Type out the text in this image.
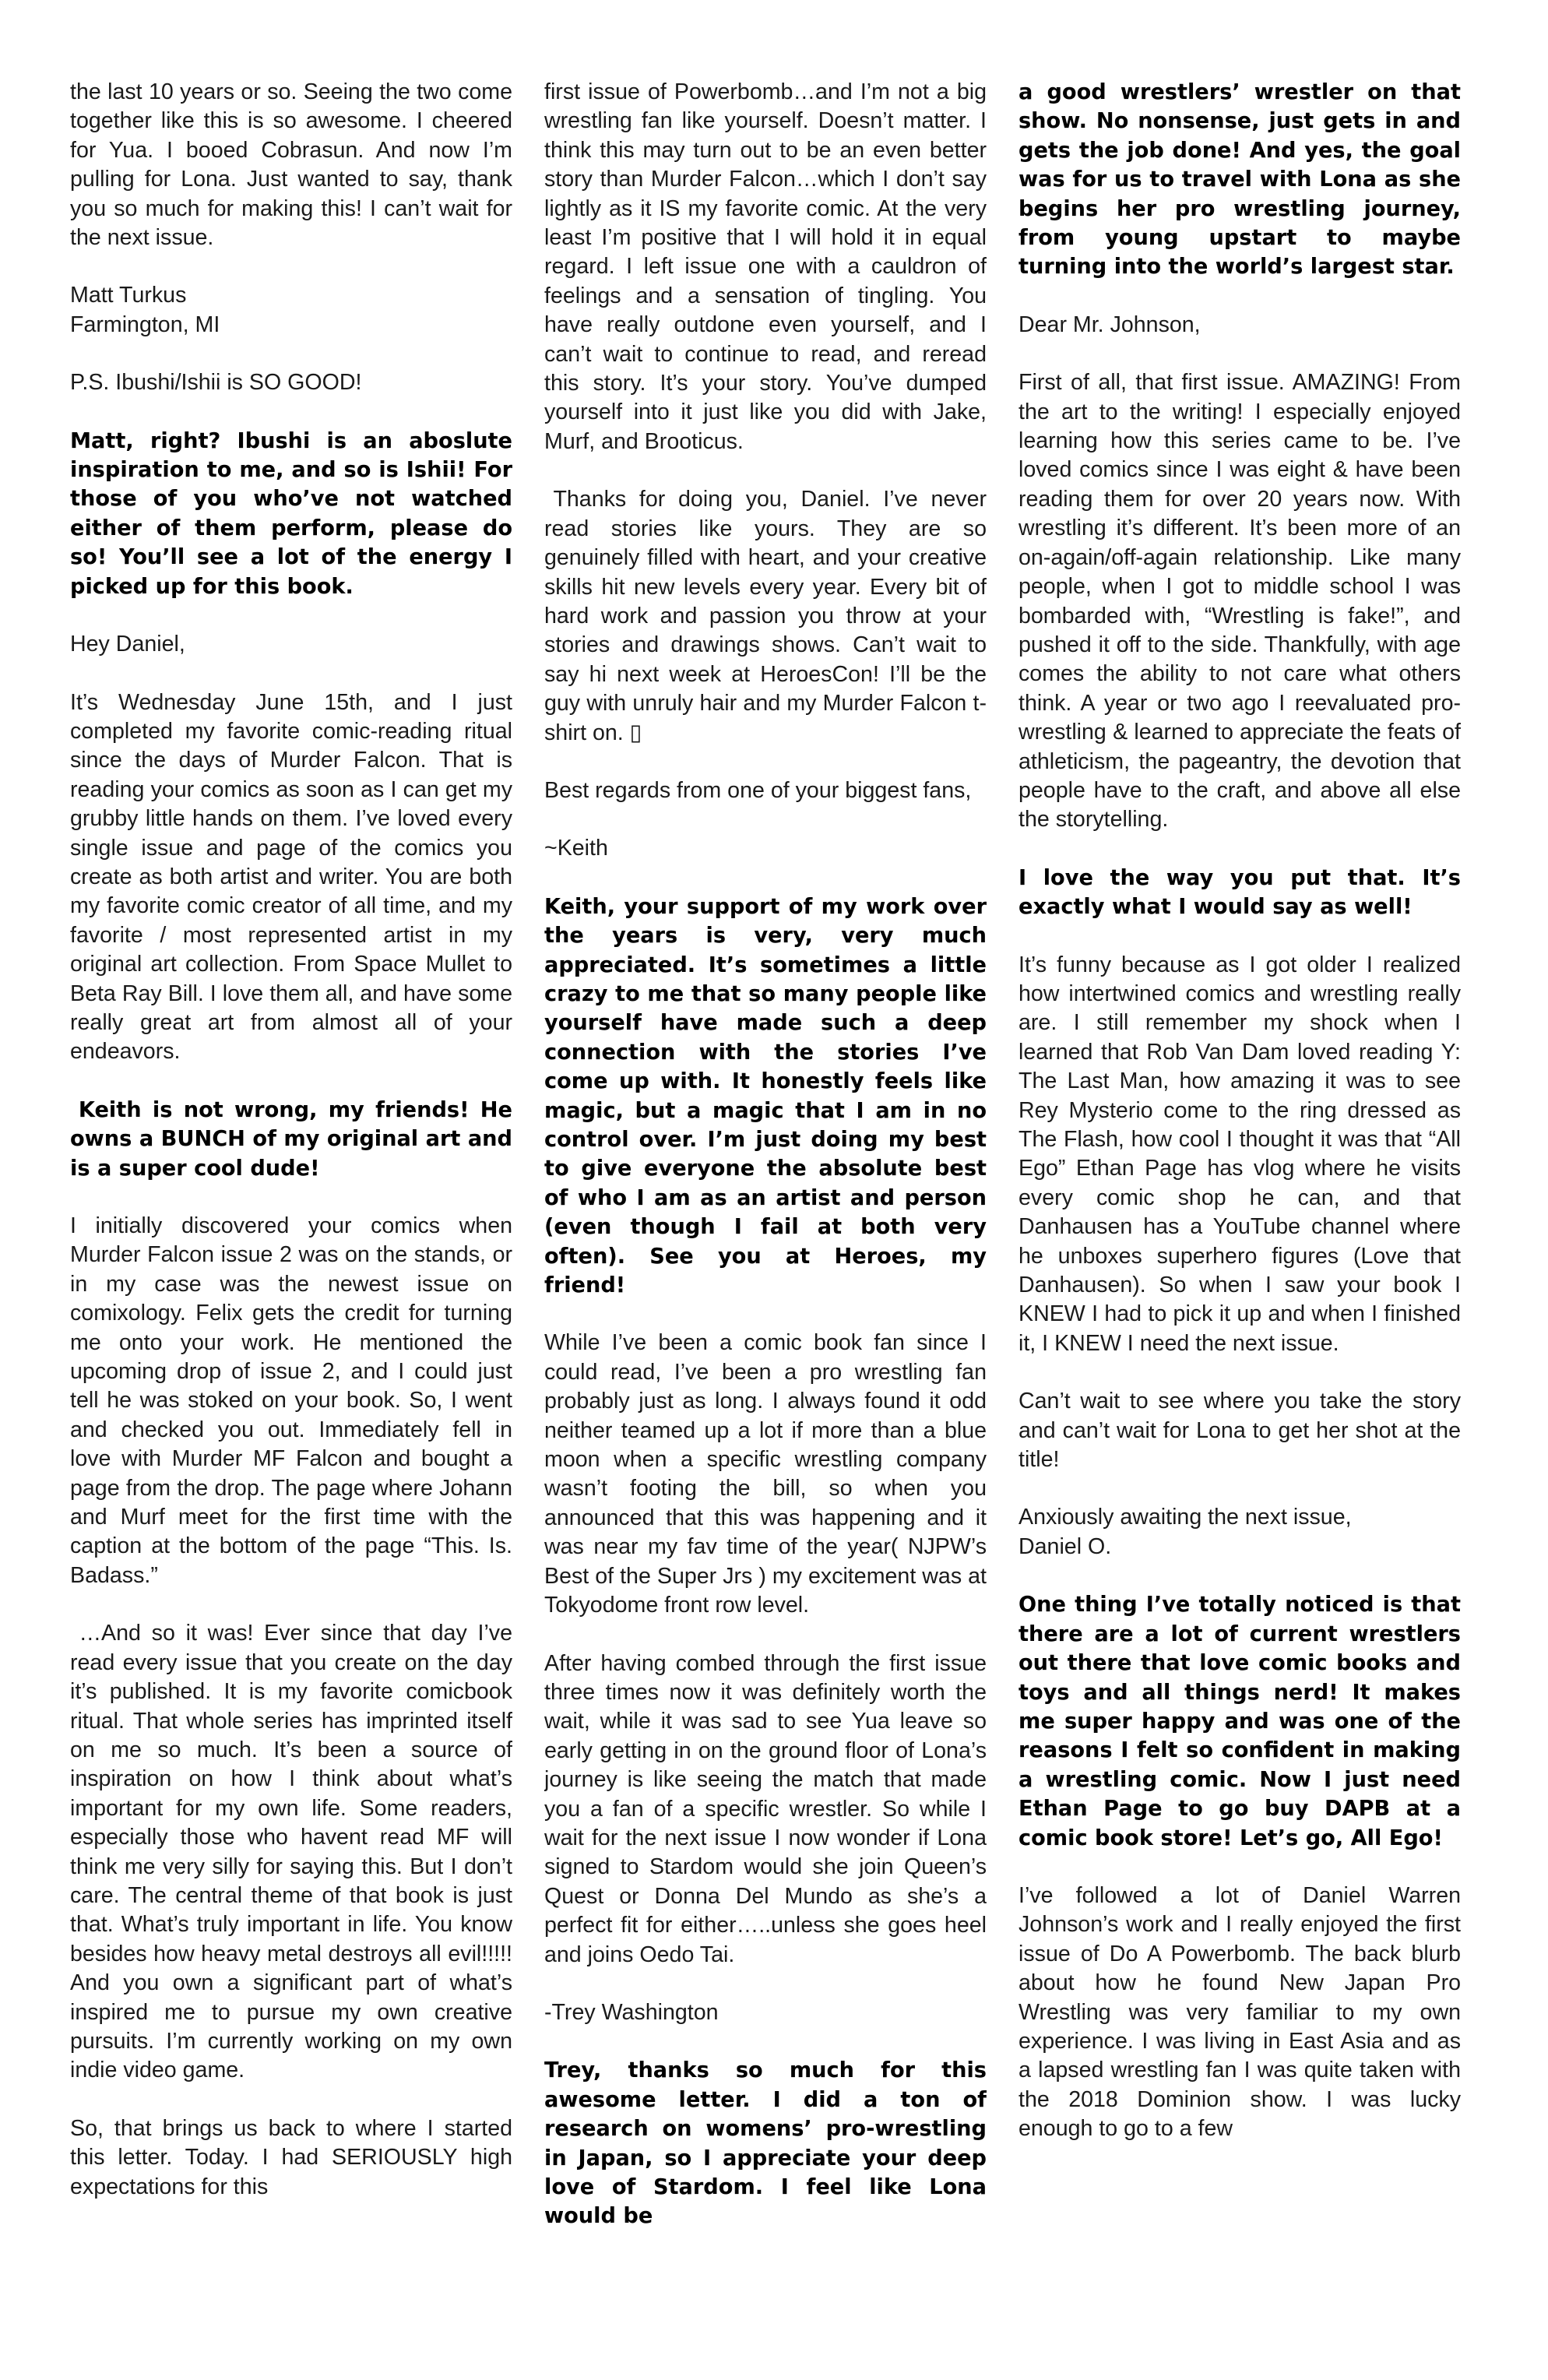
the last 10 years or so. Seeing the two come together like this is so awesome. I cheered for Yua. I booed Cobrasun. And now I’m pulling for Lona. Just wanted to say, thank you so much for making this! I can’t wait for the next issue.

Matt Turkus
Farmington, MI

P.S. Ibushi/Ishii is SO GOOD!

Matt, right? Ibushi is an aboslute inspiration to me, and so is Ishii! For those of you who’ve not watched either of them perform, please do so! You’ll see a lot of the energy I picked up for this book.

Hey Daniel,

It’s Wednesday June 15th, and I just completed my favorite comic-reading ritual since the days of Murder Falcon. That is reading your comics as soon as I can get my grubby little hands on them. I’ve loved every single issue and page of the comics you create as both artist and writer. You are both my favorite comic creator of all time, and my favorite / most represented artist in my original art collection. From Space Mullet to Beta Ray Bill. I love them all, and have some really great art from almost all of your endeavors.

Keith is not wrong, my friends! He owns a BUNCH of my original art and is a super cool dude!

I initially discovered your comics when Murder Falcon issue 2 was on the stands, or in my case was the newest issue on comixology. Felix gets the credit for turning me onto your work. He mentioned the upcoming drop of issue 2, and I could just tell he was stoked on your book. So, I went and checked you out. Immediately fell in love with Murder MF Falcon and bought a page from the drop. The page where Johann and Murf meet for the first time with the caption at the bottom of the page “This. Is. Badass.”

…And so it was! Ever since that day I’ve read every issue that you create on the day it’s published. It is my favorite comicbook ritual. That whole series has imprinted itself on me so much. It’s been a source of inspiration on how I think about what’s important for my own life. Some readers, especially those who havent read MF will think me very silly for saying this. But I don’t care. The central theme of that book is just that. What’s truly important in life. You know besides how heavy metal destroys all evil!!!!! And you own a significant part of what’s inspired me to pursue my own creative pursuits. I’m currently working on my own indie video game.

So, that brings us back to where I started this letter. Today. I had SERIOUSLY high expectations for this

first issue of Powerbomb…and I’m not a big wrestling fan like yourself. Doesn’t matter. I think this may turn out to be an even better story than Murder Falcon…which I don’t say lightly as it IS my favorite comic. At the very least I’m positive that I will hold it in equal regard. I left issue one with a cauldron of feelings and a sensation of tingling. You have really outdone even yourself, and I can’t wait to continue to read, and reread this story. It’s your story. You’ve dumped yourself into it just like you did with Jake, Murf, and Brooticus.

Thanks for doing you, Daniel. I’ve never read stories like yours. They are so genuinely filled with heart, and your creative skills hit new levels every year. Every bit of hard work and passion you throw at your stories and drawings shows. Can’t wait to say hi next week at HeroesCon! I’ll be the guy with unruly hair and my Murder Falcon t-shirt on. ▯

Best regards from one of your biggest fans,

~Keith

Keith, your support of my work over the years is very, very much appreciated. It’s sometimes a little crazy to me that so many people like yourself have made such a deep connection with the stories I’ve come up with. It honestly feels like magic, but a magic that I am in no control over. I’m just doing my best to give everyone the absolute best of who I am as an artist and person (even though I fail at both very often). See you at Heroes, my friend!

While I’ve been a comic book fan since I could read, I’ve been a pro wrestling fan probably just as long. I always found it odd neither teamed up a lot if more than a blue moon when a specific wrestling company wasn’t footing the bill, so when you announced that this was happening and it was near my fav time of the year( NJPW’s Best of the Super Jrs ) my excitement was at Tokyodome front row level.

After having combed through the first issue three times now it was definitely worth the wait, while it was sad to see Yua leave so early getting in on the ground floor of Lona’s journey is like seeing the match that made you a fan of a specific wrestler. So while I wait for the next issue I now wonder if Lona signed to Stardom would she join Queen’s Quest or Donna Del Mundo as she’s a perfect fit for either…..unless she goes heel and joins Oedo Tai.

-Trey Washington

Trey, thanks so much for this awesome letter. I did a ton of research on womens’ pro-wrestling in Japan, so I appreciate your deep love of Stardom. I feel like Lona would be

a good wrestlers’ wrestler on that show. No nonsense, just gets in and gets the job done! And yes, the goal was for us to travel with Lona as she begins her pro wrestling journey, from young upstart to maybe turning into the world’s largest star.

Dear Mr. Johnson,

First of all, that first issue. AMAZING! From the art to the writing! I especially enjoyed learning how this series came to be. I’ve loved comics since I was eight & have been reading them for over 20 years now. With wrestling it’s different. It’s been more of an on-again/off-again relationship. Like many people, when I got to middle school I was bombarded with, “Wrestling is fake!”, and pushed it off to the side. Thankfully, with age comes the ability to not care what others think. A year or two ago I reevaluated pro-wrestling & learned to appreciate the feats of athleticism, the pageantry, the devotion that people have to the craft, and above all else the storytelling.

I love the way you put that. It’s exactly what I would say as well!

It’s funny because as I got older I realized how intertwined comics and wrestling really are. I still remember my shock when I learned that Rob Van Dam loved reading Y: The Last Man, how amazing it was to see Rey Mysterio come to the ring dressed as The Flash, how cool I thought it was that “All Ego” Ethan Page has vlog where he visits every comic shop he can, and that Danhausen has a YouTube channel where he unboxes superhero figures (Love that Danhausen). So when I saw your book I KNEW I had to pick it up and when I finished it, I KNEW I need the next issue.

Can’t wait to see where you take the story and can’t wait for Lona to get her shot at the title!

Anxiously awaiting the next issue,
Daniel O.

One thing I’ve totally noticed is that there are a lot of current wrestlers out there that love comic books and toys and all things nerd! It makes me super happy and was one of the reasons I felt so confident in making a wrestling comic. Now I just need Ethan Page to go buy DAPB at a comic book store! Let’s go, All Ego!

I’ve followed a lot of Daniel Warren Johnson’s work and I really enjoyed the first issue of Do A Powerbomb. The back blurb about how he found New Japan Pro Wrestling was very familiar to my own experience. I was living in East Asia and as a lapsed wrestling fan I was quite taken with the 2018 Dominion show. I was lucky enough to go to a few
